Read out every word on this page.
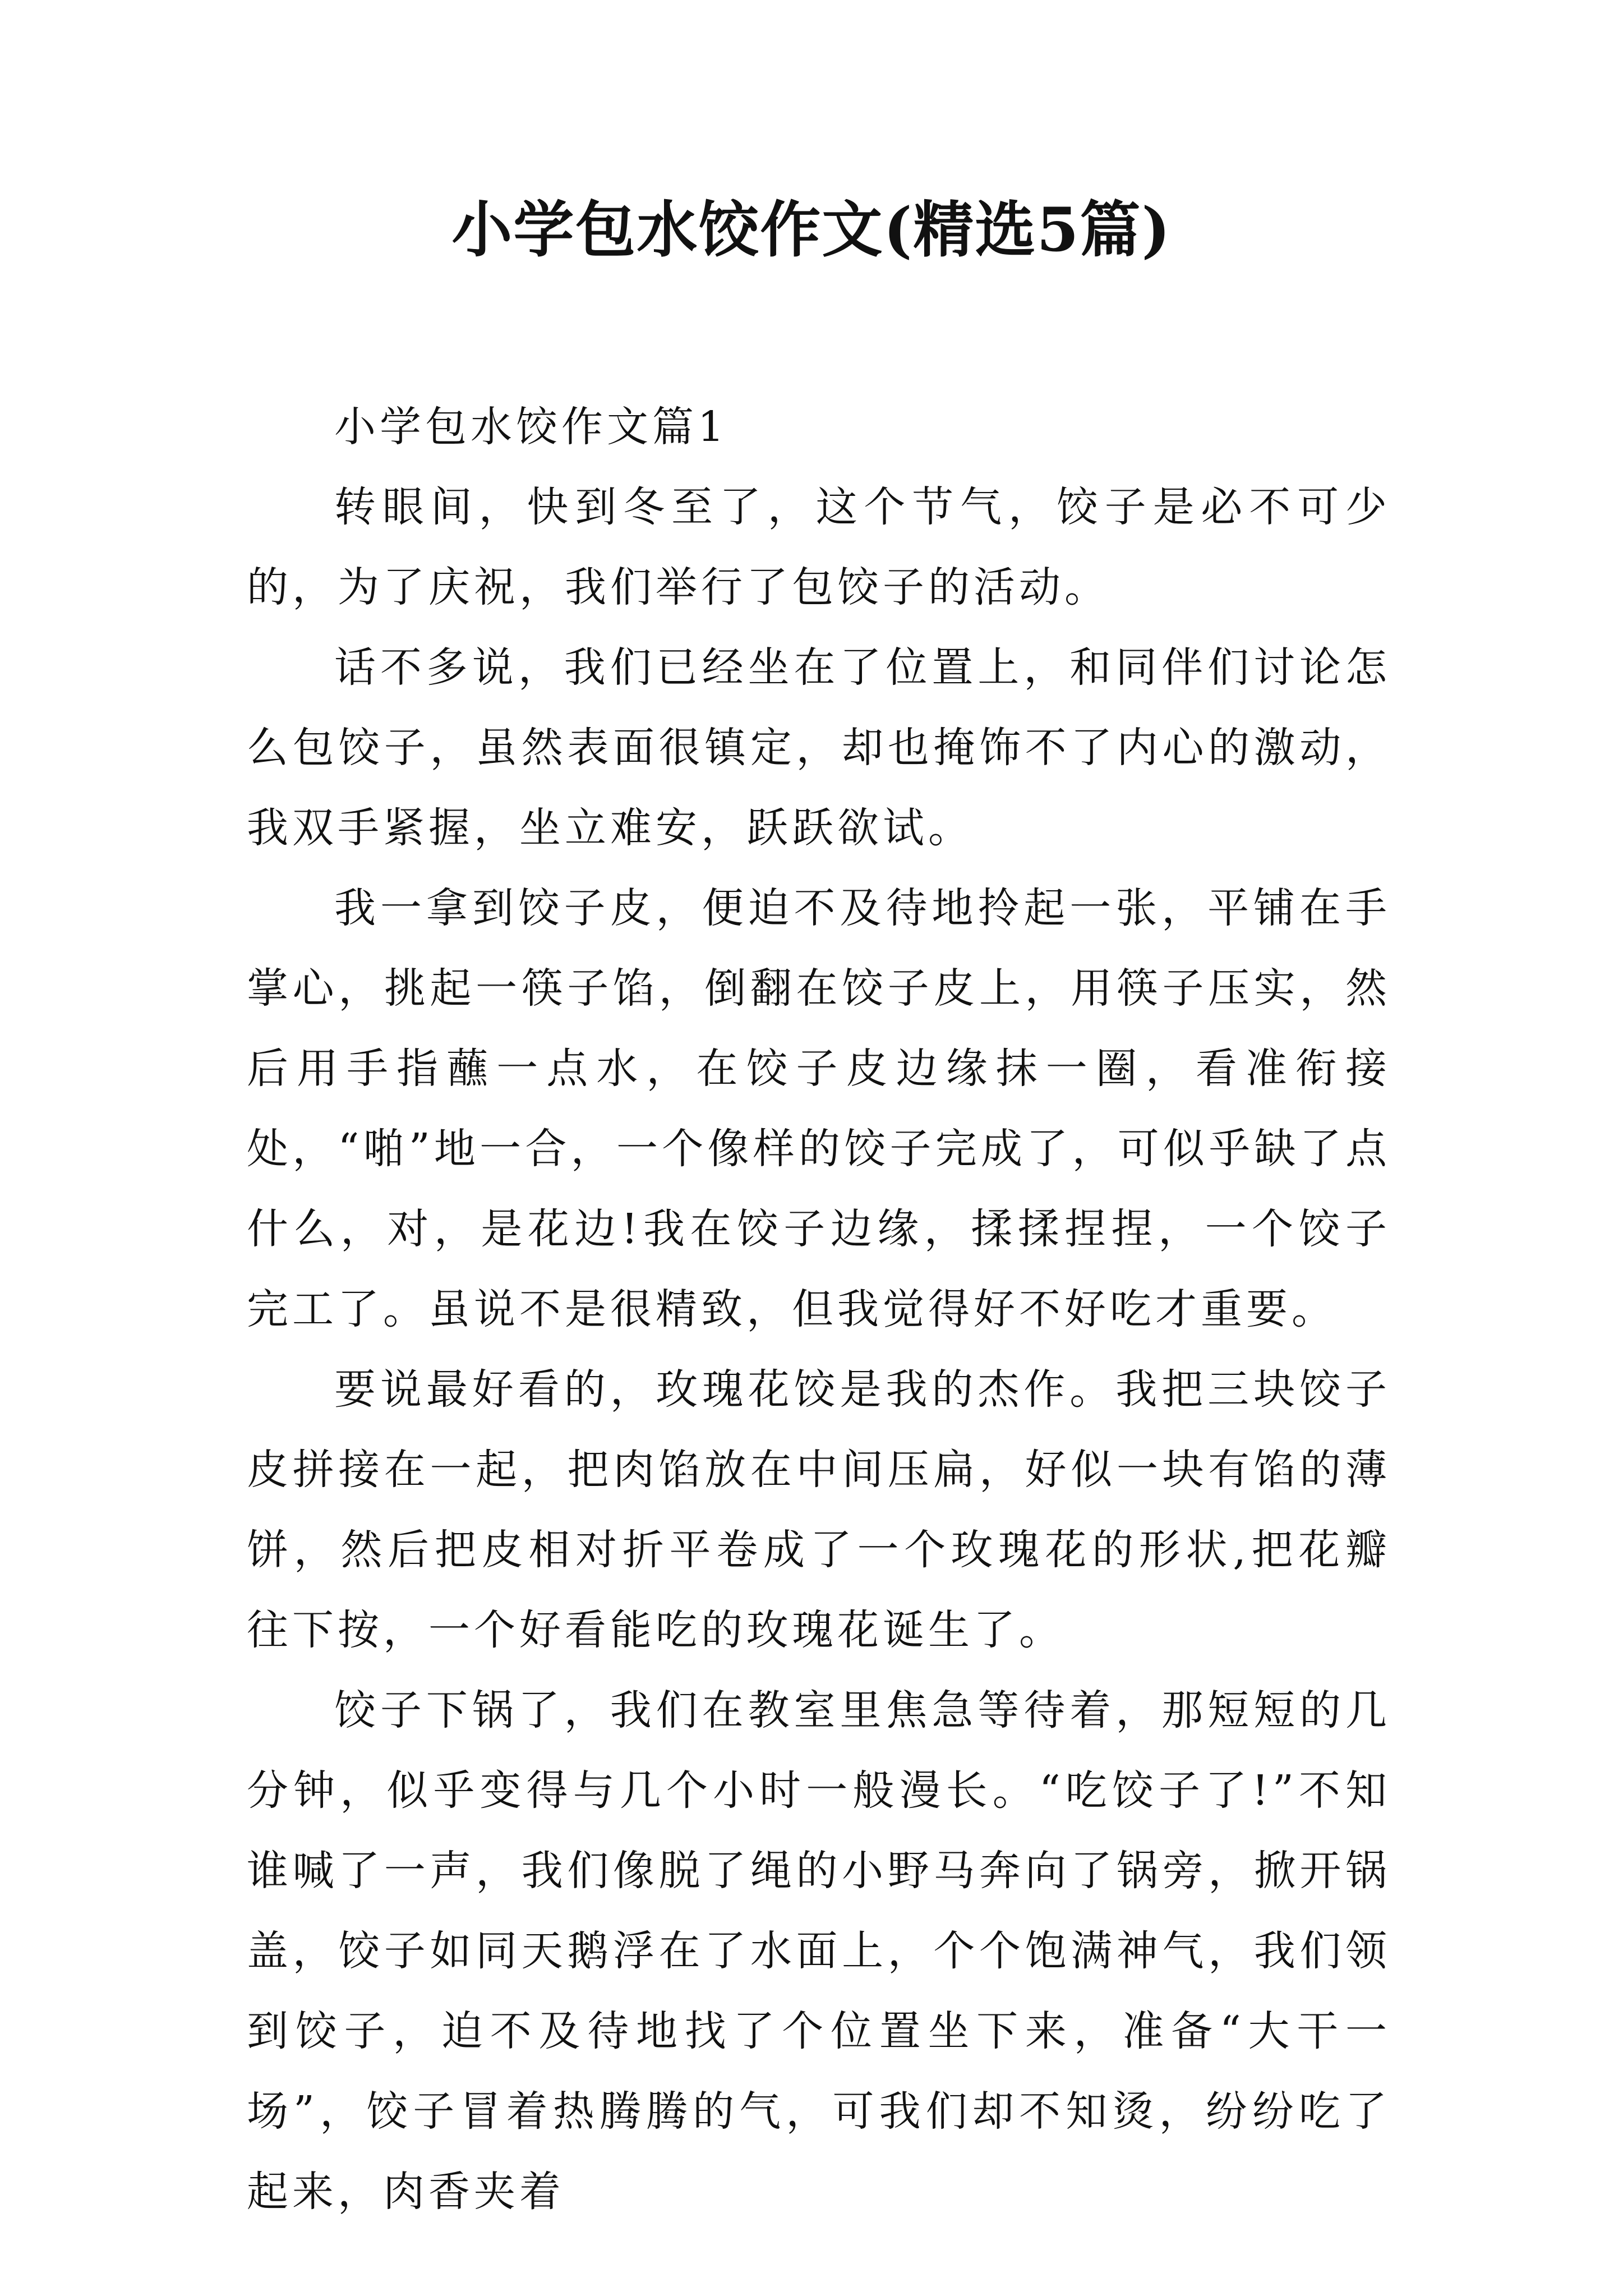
小学包水饺作文(精选5篇)

小学包水饺作文篇1

转眼间，快到冬至了，这个节气，饺子是必不可少的，为了庆祝，我们举行了包饺子的活动。

话不多说，我们已经坐在了位置上，和同伴们讨论怎么包饺子，虽然表面很镇定，却也掩饰不了内心的激动，我双手紧握，坐立难安，跃跃欲试。

我一拿到饺子皮，便迫不及待地拎起一张，平铺在手掌心，挑起一筷子馅，倒翻在饺子皮上，用筷子压实，然后用手指蘸一点水，在饺子皮边缘抹一圈，看准衔接处，“啪”地一合，一个像样的饺子完成了，可似乎缺了点什么，对，是花边!我在饺子边缘，揉揉捏捏，一个饺子完工了。虽说不是很精致，但我觉得好不好吃才重要。

要说最好看的，玫瑰花饺是我的杰作。我把三块饺子皮拼接在一起，把肉馅放在中间压扁，好似一块有馅的薄饼，然后把皮相对折平卷成了一个玫瑰花的形状,把花瓣往下按，一个好看能吃的玫瑰花诞生了。

饺子下锅了，我们在教室里焦急等待着，那短短的几分钟，似乎变得与几个小时一般漫长。“吃饺子了!”不知谁喊了一声，我们像脱了绳的小野马奔向了锅旁，掀开锅盖，饺子如同天鹅浮在了水面上，个个饱满神气，我们领到饺子，迫不及待地找了个位置坐下来，准备“大干一场”，饺子冒着热腾腾的气，可我们却不知烫，纷纷吃了起来，肉香夹着
